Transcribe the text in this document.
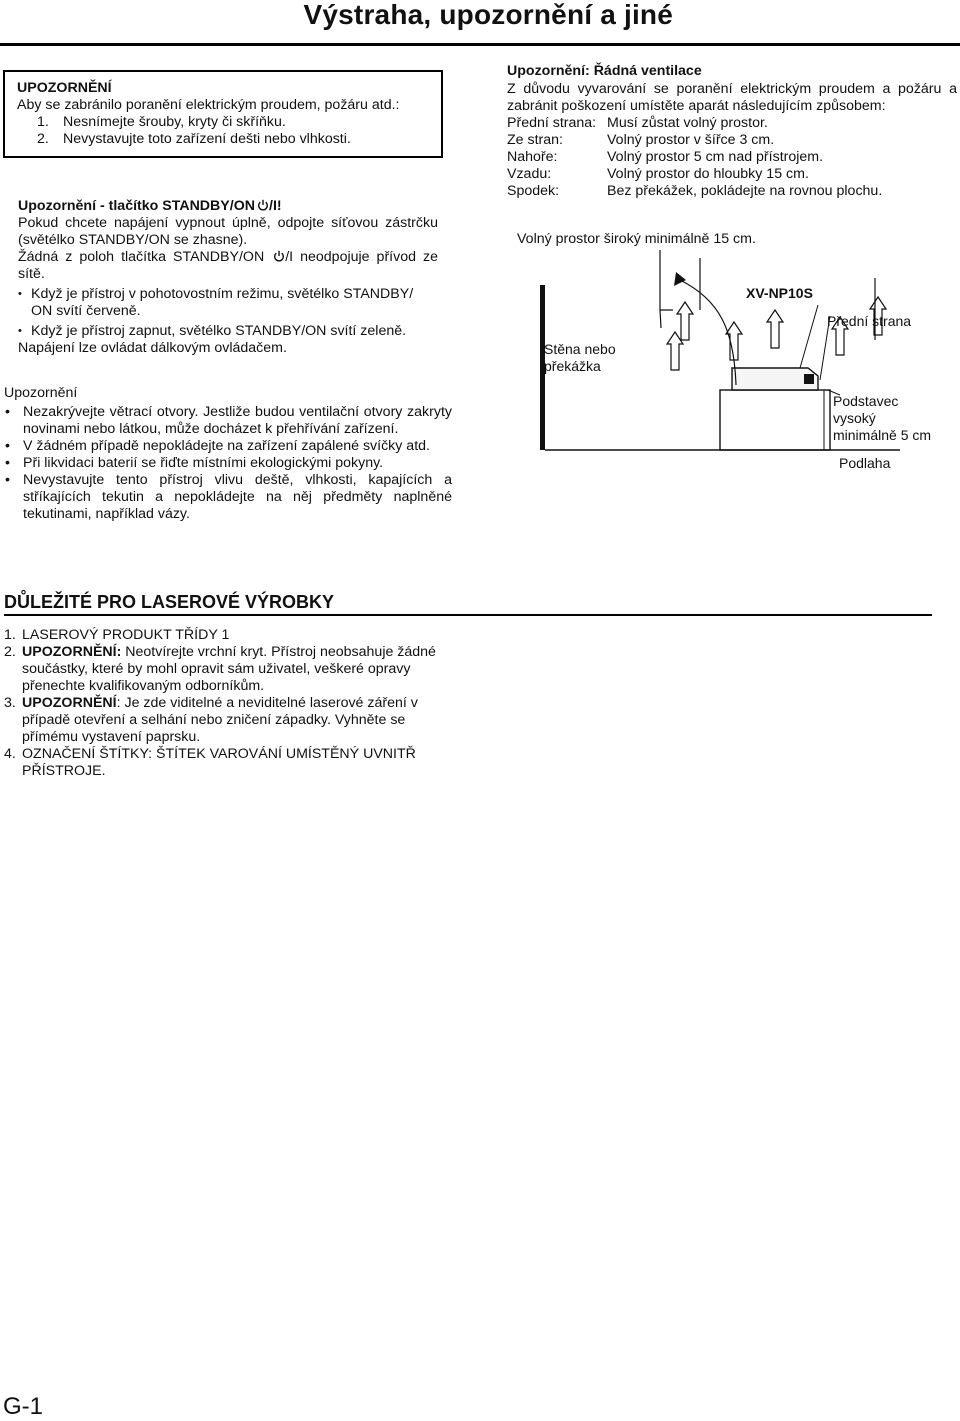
Výstraha, upozornění a jiné

UPOZORNĚNÍ

Aby se zabránilo poranění elektrickým proudem, požáru atd.:

1. Nesnímejte šrouby, kryty či skříňku.

2. Nevystavujte toto zařízení dešti nebo vlhkosti.

Upozornění - tlačítko STANDBY/ON /I!

Pokud chcete napájení vypnout úplně, odpojte síťovou zástrčku (světélko STANDBY/ON se zhasne).

Žádná z poloh tlačítka STANDBY/ON /I neodpojuje přívod ze sítě.

• Když je přístroj v pohotovostním režimu, světélko STANDBY/ ON svítí červeně.

• Když je přístroj zapnut, světélko STANDBY/ON svítí zeleně.

Napájení lze ovládat dálkovým ovládačem.

Upozornění

• Nezakrývejte větrací otvory. Jestliže budou ventilační otvory zakryty novinami nebo látkou, může docházet k přehřívání zařízení.

• V žádném případě nepokládejte na zařízení zapálené svíčky atd.

• Při likvidaci baterií se řiďte místními ekologickými pokyny.

• Nevystavujte tento přístroj vlivu deště, vlhkosti, kapajících a stříkajících tekutin a nepokládejte na něj předměty naplněné tekutinami, například vázy.

Upozornění: Řádná ventilace

Z důvodu vyvarování se poranění elektrickým proudem a požáru a zabránit poškození umístěte aparát následujícím způsobem:

Přední strana: Musí zůstat volný prostor.
Ze stran:	Volný prostor v šířce 3 cm.
Nahoře:	Volný prostor 5 cm nad přístrojem.
Vzadu:	Volný prostor do hloubky 15 cm.
Spodek:	Bez překážek, pokládejte na rovnou plochu.
Volný prostor široký minimálně 15 cm.
XV-NP10S
Přední strana
Stěna nebo
překážka
Podstavec
vysoký
minimálně 5 cm
Podlaha
DŮLEŽITÉ PRO LASEROVÉ VÝROBKY
1. LASEROVÝ PRODUKT TŘÍDY 1
2. UPOZORNĚNÍ: Neotvírejte vrchní kryt. Přístroj neobsahuje žádné součástky, které by mohl opravit sám uživatel, veškeré opravy přenechte kvalifikovaným odborníkům.
3. UPOZORNĚNÍ: Je zde viditelné a neviditelné laserové záření v případě otevření a selhání nebo zničení západky. Vyhněte se přímému vystavení paprsku.
4. OZNAČENÍ ŠTÍTKY: ŠTÍTEK VAROVÁNÍ UMÍSTĚNÝ UVNITŘ PŘÍSTROJE.
G-1
